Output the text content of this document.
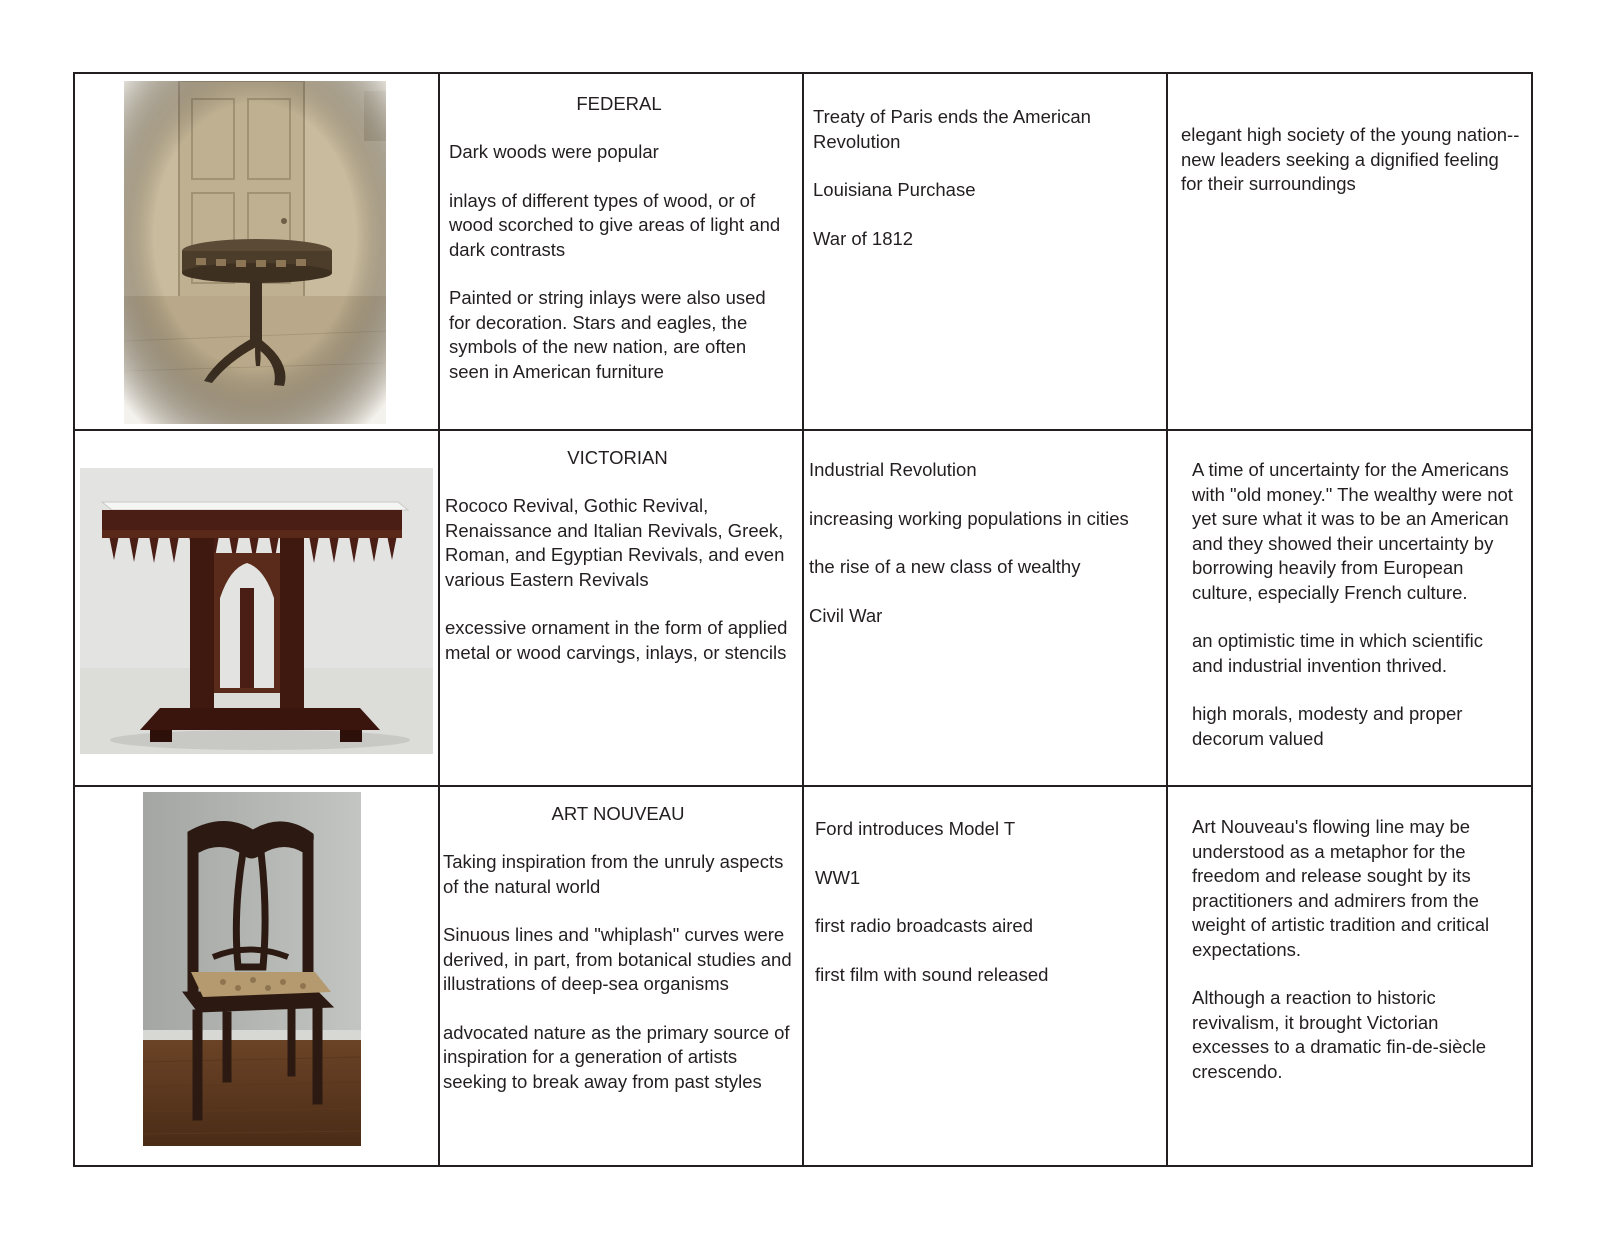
FEDERAL

Dark woods were popular

inlays of different types of wood, or of wood scorched to give areas of light and dark contrasts

Painted or string inlays were also used for decoration. Stars and eagles, the symbols of the new nation, are often seen in American furniture

Treaty of Paris ends the American Revolution

Louisiana Purchase

War of 1812

elegant high society of the young nation--new leaders seeking a dignified feeling for their surroundings

VICTORIAN

Rococo Revival, Gothic Revival, Renaissance and Italian Revivals, Greek, Roman, and Egyptian Revivals, and even various Eastern Revivals

excessive ornament in the form of applied metal or wood carvings, inlays, or stencils

Industrial Revolution

increasing working populations in cities

the rise of a new class of wealthy

Civil War

A time of uncertainty for the Americans with "old money." The wealthy were not yet sure what it was to be an American and they showed their uncertainty by borrowing heavily from European culture, especially French culture.

an optimistic time in which scientific and industrial invention thrived.

high morals, modesty and proper decorum valued

ART NOUVEAU

Taking inspiration from the unruly aspects of the natural world

Sinuous lines and "whiplash" curves were derived, in part, from botanical studies and illustrations of deep-sea organisms

advocated nature as the primary source of inspiration for a generation of artists seeking to break away from past styles

Ford introduces Model T

WW1

first radio broadcasts aired

first film with sound released

Art Nouveau's flowing line may be understood as a metaphor for the freedom and release sought by its practitioners and admirers from the weight of artistic tradition and critical expectations.

Although a reaction to historic revivalism, it brought Victorian excesses to a dramatic fin-de-siècle crescendo.
